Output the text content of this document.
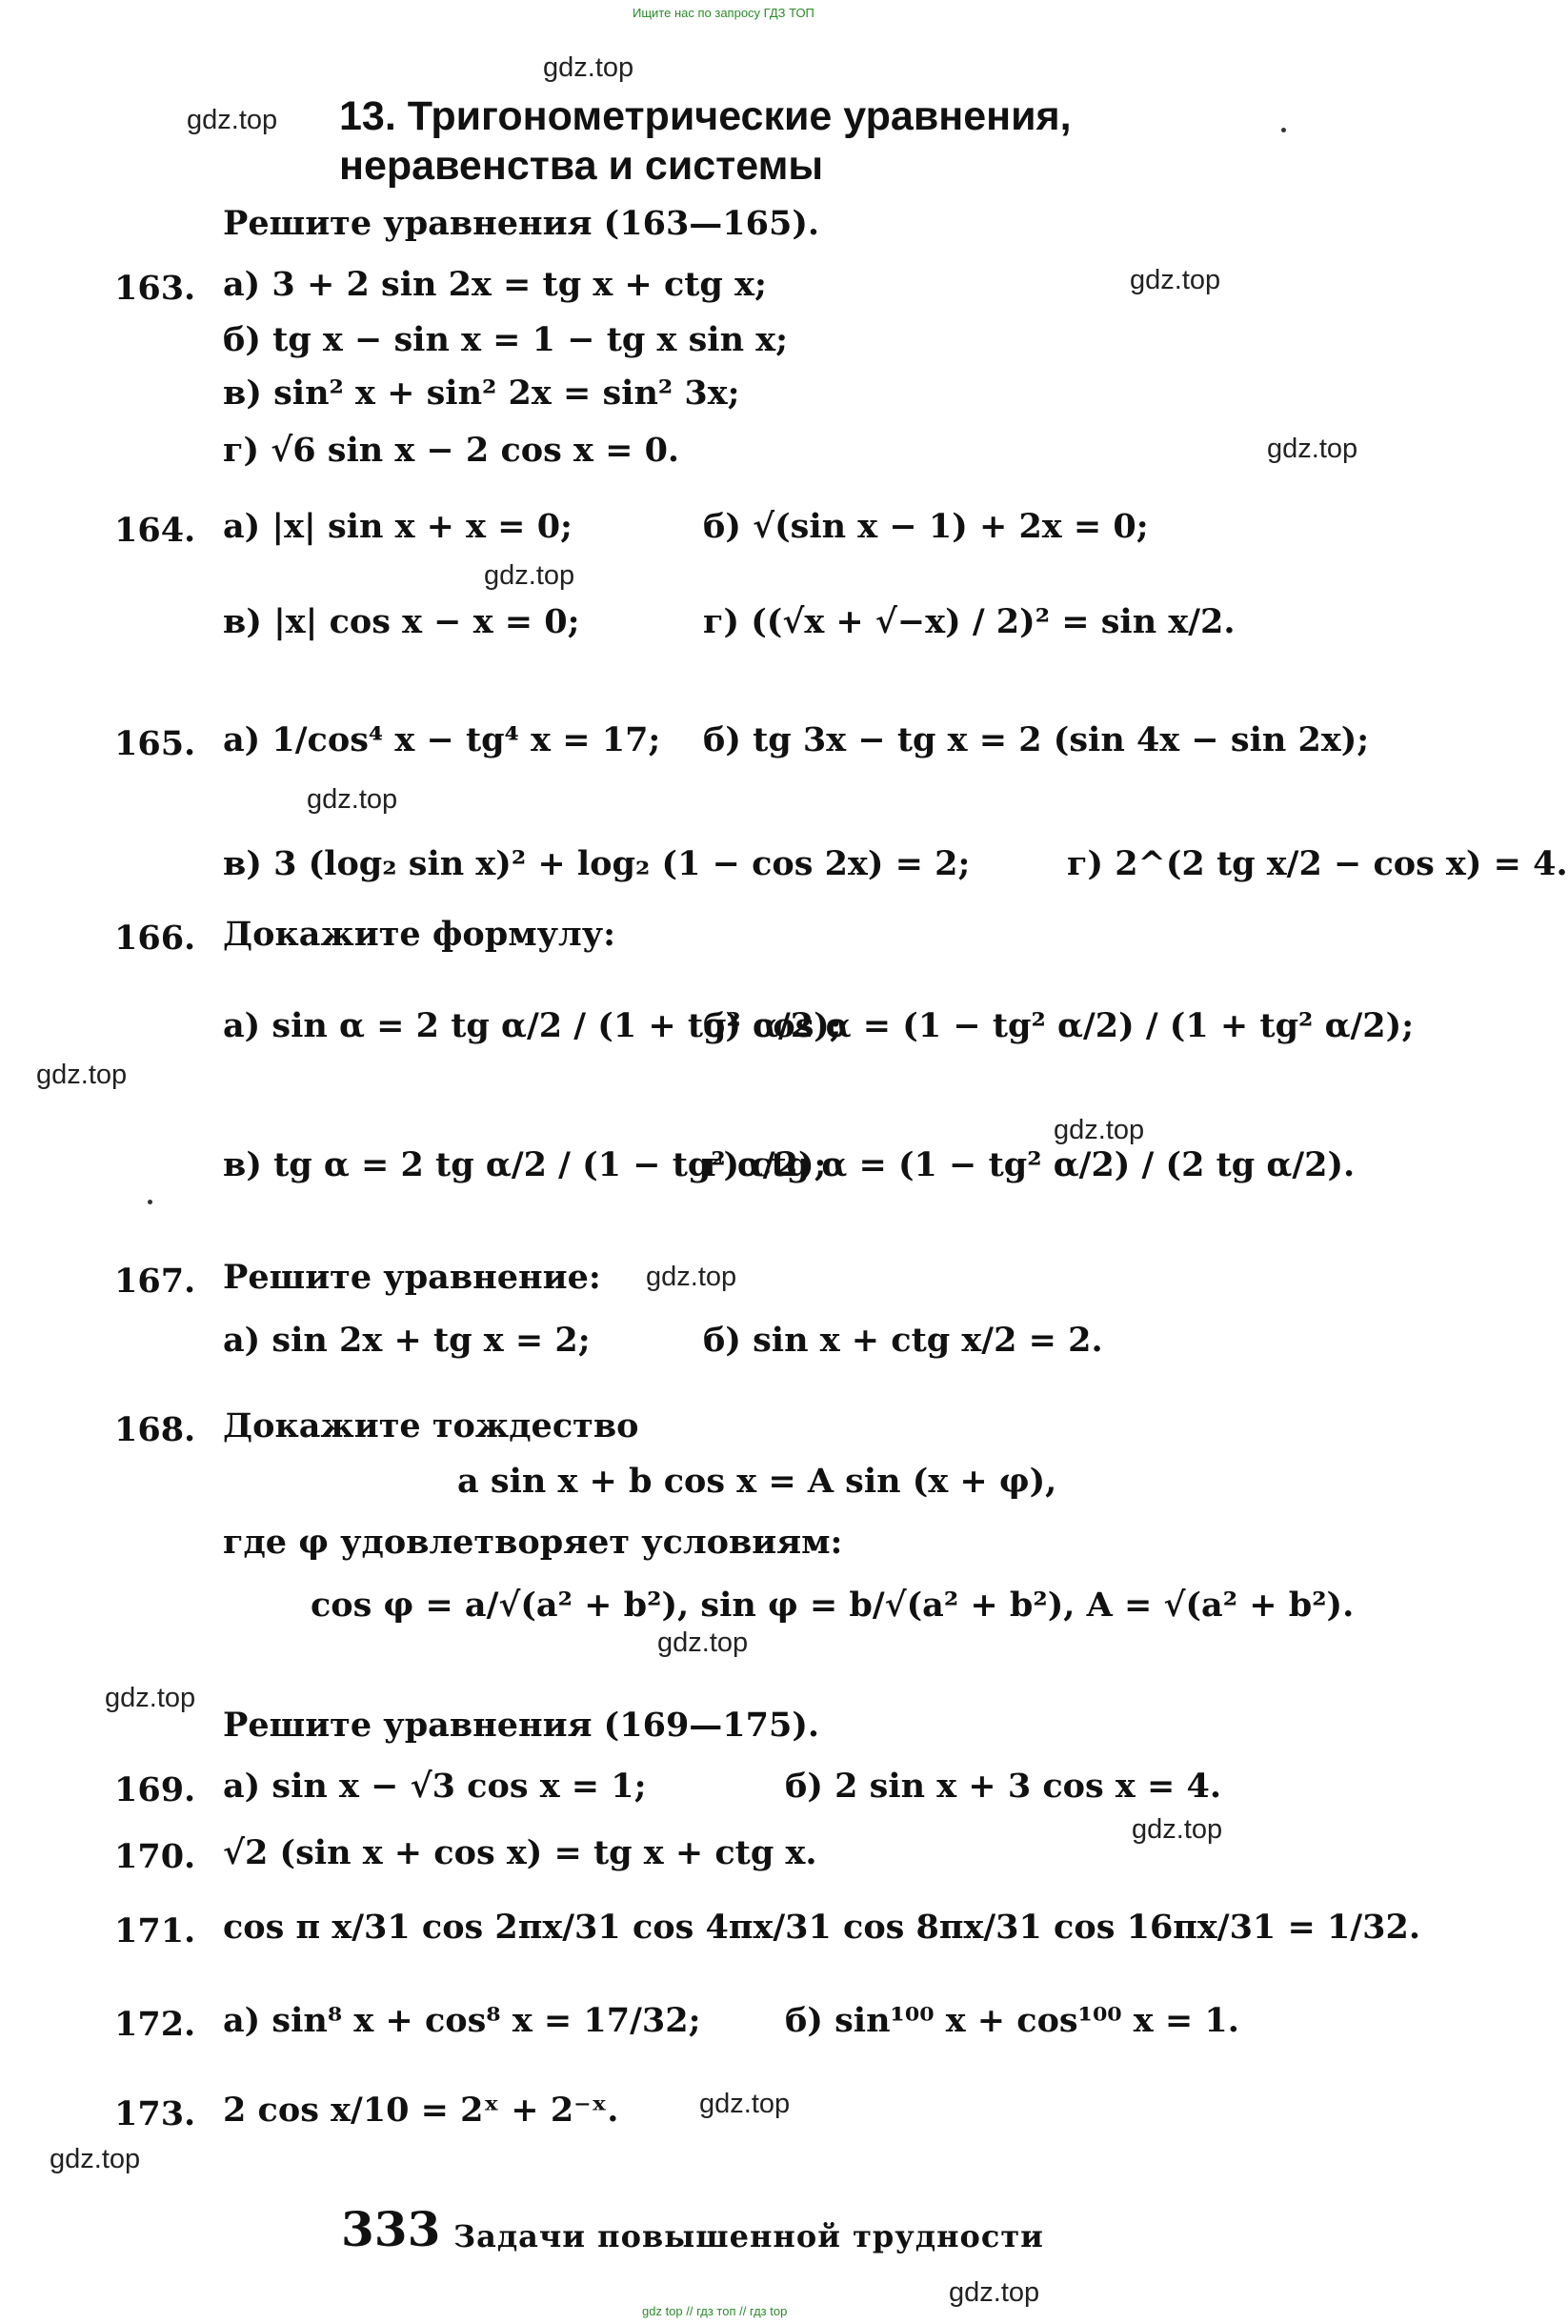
Ищите нас по запросу ГДЗ ТОП
gdz.top
gdz.top
gdz.top
gdz.top
gdz.top
gdz.top
gdz.top
gdz.top
gdz.top
gdz.top
gdz.top
gdz.top
gdz.top
gdz.top
gdz.top
13. Тригонометрические уравнения,
неравенства и системы
Решите уравнения (163—165).
163. а) 3 + 2 sin 2x = tg x + ctg x;
б) tg x − sin x = 1 − tg x sin x;
в) sin² x + sin² 2x = sin² 3x;
г) √6 sin x − 2 cos x = 0.
164. а) |x| sin x + x = 0;	б) √(sin x − 1) + 2x = 0;
в) |x| cos x − x = 0;	г) ((√x + √−x) / 2)² = sin x/2.
165. а) 1/cos⁴ x − tg⁴ x = 17; б) tg 3x − tg x = 2 (sin 4x − sin 2x);
в) 3 (log₂ sin x)² + log₂ (1 − cos 2x) = 2;	г) 2^(2 tg x/2 − cos x) = 4.
166. Докажите формулу:
а) sin α = 2 tg α/2 / (1 + tg² α/2);
б) cos α = (1 − tg² α/2) / (1 + tg² α/2);
в) tg α = 2 tg α/2 / (1 − tg² α/2);
г) ctg α = (1 − tg² α/2) / (2 tg α/2).
167. Решите уравнение:
а) sin 2x + tg x = 2;	б) sin x + ctg x/2 = 2.
168. Докажите тождество
a sin x + b cos x = A sin (x + φ),
где φ удовлетворяет условиям:
cos φ = a/√(a² + b²), sin φ = b/√(a² + b²), A = √(a² + b²).
Решите уравнения (169—175).
169. а) sin x − √3 cos x = 1;	б) 2 sin x + 3 cos x = 4.
170. √2 (sin x + cos x) = tg x + ctg x.
171. cos π x/31 cos 2πx/31 cos 4πx/31 cos 8πx/31 cos 16πx/31 = 1/32.
172. а) sin⁸ x + cos⁸ x = 17/32;	б) sin¹⁰⁰ x + cos¹⁰⁰ x = 1.
173. 2 cos x/10 = 2ˣ + 2⁻ˣ.
333 Задачи повышенной трудности
gdz top // гдз топ // гдз top
